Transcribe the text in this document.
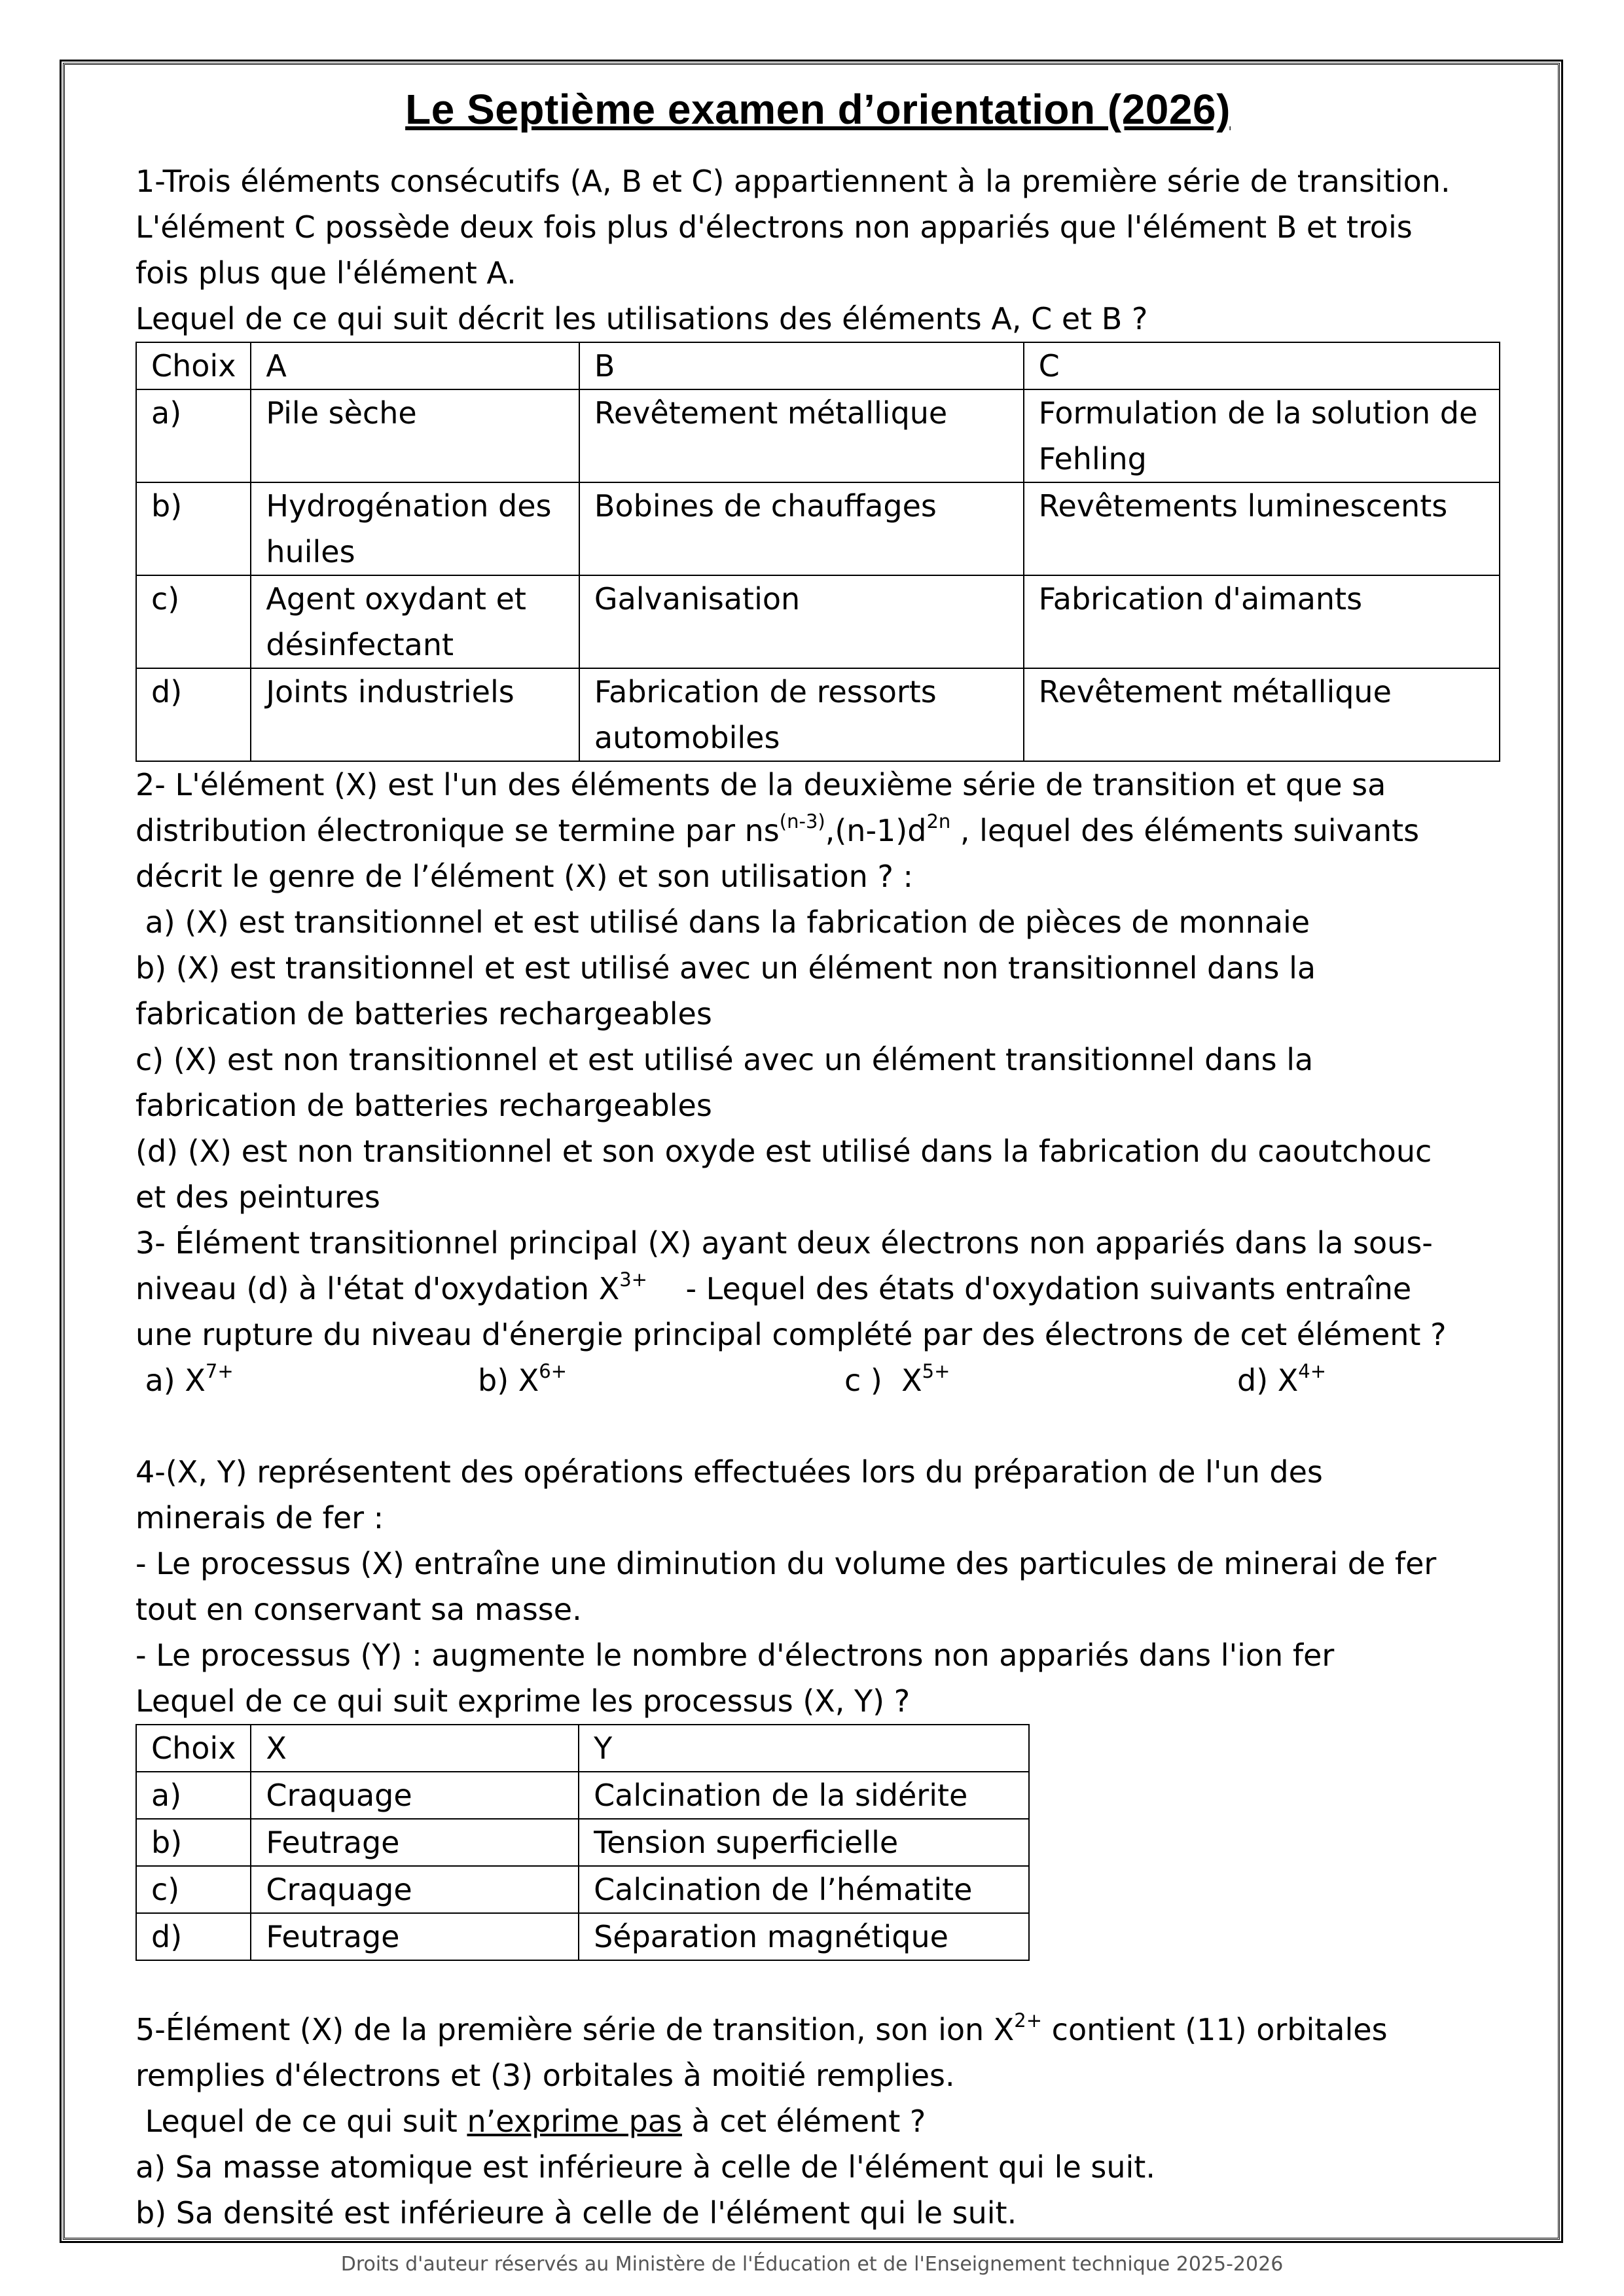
Le Septième examen d’orientation (2026)

1-Trois éléments consécutifs (A, B et C) appartiennent à la première série de transition.

L'élément C possède deux fois plus d'électrons non appariés que l'élément B et trois

fois plus que l'élément A.

Lequel de ce qui suit décrit les utilisations des éléments A, C et B ?

Choix	A	B	C
a)	Pile sèche	Revêtement métallique	Formulation de la solution de Fehling
b)	Hydrogénation des huiles	Bobines de chauffages	Revêtements luminescents
c)	Agent oxydant et désinfectant	Galvanisation	Fabrication d'aimants
d)	Joints industriels	Fabrication de ressorts automobiles	Revêtement métallique

2- L'élément (X) est l'un des éléments de la deuxième série de transition et que sa

distribution électronique se termine par $ns^{(n-3)},(n-1)d^{2n}$ , lequel des éléments suivants

décrit le genre de l’élément (X) et son utilisation ? :

a) (X) est transitionnel et est utilisé dans la fabrication de pièces de monnaie

b) (X) est transitionnel et est utilisé avec un élément non transitionnel dans la

fabrication de batteries rechargeables

c) (X) est non transitionnel et est utilisé avec un élément transitionnel dans la

fabrication de batteries rechargeables

(d) (X) est non transitionnel et son oxyde est utilisé dans la fabrication du caoutchouc

et des peintures

3- Élément transitionnel principal (X) ayant deux électrons non appariés dans la sous-

niveau (d) à l'état d'oxydation $X^{3+}$    - Lequel des états d'oxydation suivants entraîne

une rupture du niveau d'énergie principal complété par des électrons de cet élément ?

a) $X^{7+}$	b) $X^{6+}$	c )  $X^{5+}$	d) $X^{4+}$

4-(X, Y) représentent des opérations effectuées lors du préparation de l'un des

minerais de fer :

- Le processus (X) entraîne une diminution du volume des particules de minerai de fer

tout en conservant sa masse.

- Le processus (Y) : augmente le nombre d'électrons non appariés dans l'ion fer

Lequel de ce qui suit exprime les processus (X, Y) ?

Choix	X	Y
a)	Craquage	Calcination de la sidérite
b)	Feutrage	Tension superficielle
c)	Craquage	Calcination de l’hématite
d)	Feutrage	Séparation magnétique

5-Élément (X) de la première série de transition, son ion $X^{2+}$ contient (11) orbitales

remplies d'électrons et (3) orbitales à moitié remplies.

Lequel de ce qui suit n’exprime pas à cet élément ?

a) Sa masse atomique est inférieure à celle de l'élément qui le suit.

b) Sa densité est inférieure à celle de l'élément qui le suit.

Droits d'auteur réservés au Ministère de l'Éducation et de l'Enseignement technique 2025-2026
